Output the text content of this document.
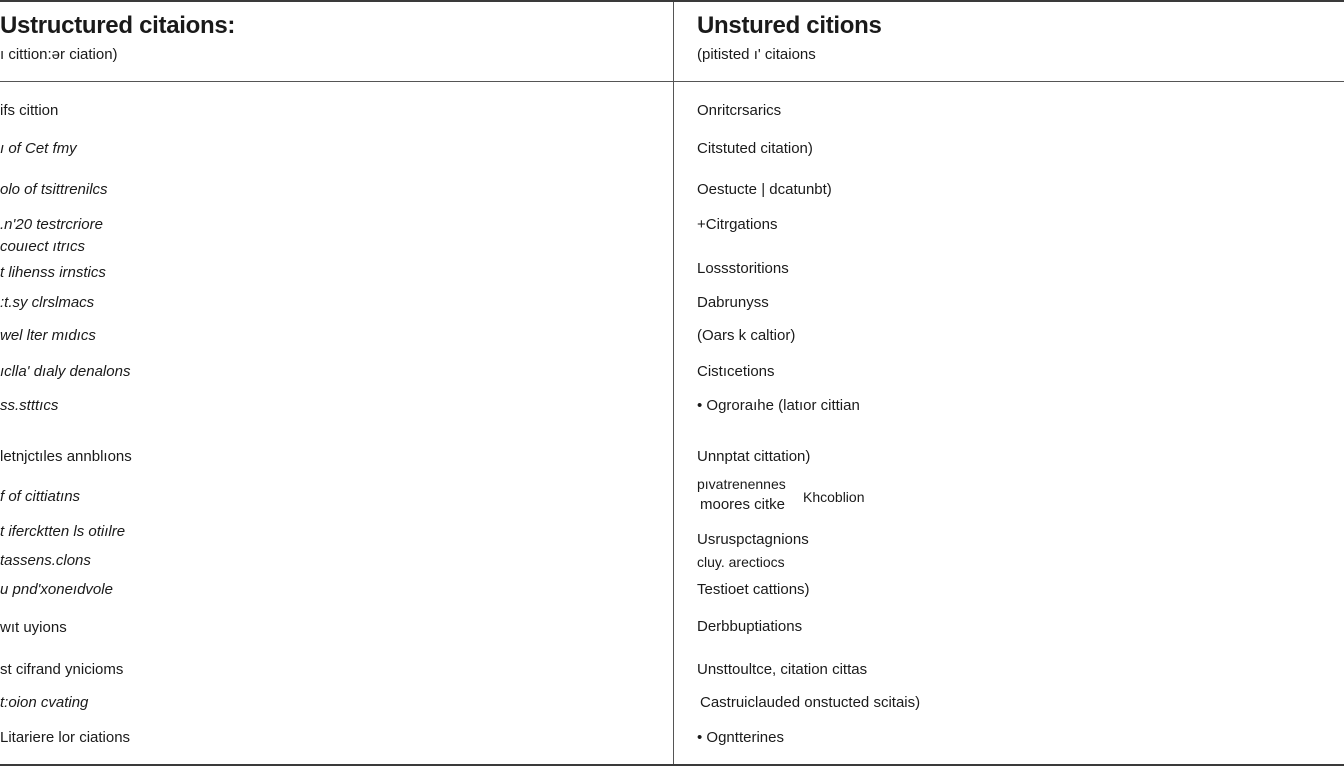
Ustructured citaions:
ı cittion:ər ciation)
ifs cittion
ı of Cet fmy
olo of tsittrenilcs
.n'20 testrcriore
couıect ıtrıcs
t lihenss irnstics
:t.sy clrslmacs
wel lter mıdıcs
ıclla' dıaly denalons
ss.stttıcs
letnjctıles annblıons
f of cittiatıns
t ifercktten ls otiılre
tassens.clons
u pnd'xoneıdvole
wıt uyions
st cifrand ynicioms
t:oion cvating
Litariere lor ciations
Unstured citions
(pitisted ı' citaions
Onritcrsarics
Citstuted citation)
Oestucte | dcatunbt)
+Citrgations
Lossstoritions
Dabrunyss
(Oars k caltior)
Cistıcetions
• Ogroraıhe (latıor cittian
Unnptat cittation)
pıvatrenennes
moores citke Khcoblion
Usruspctagnions
cluy. arectiocs
Testioet cattions)
Derbbuptiations
Unsttoultce, citation cittas
Castruiclauded onstucted scitais)
• Ogntterines
